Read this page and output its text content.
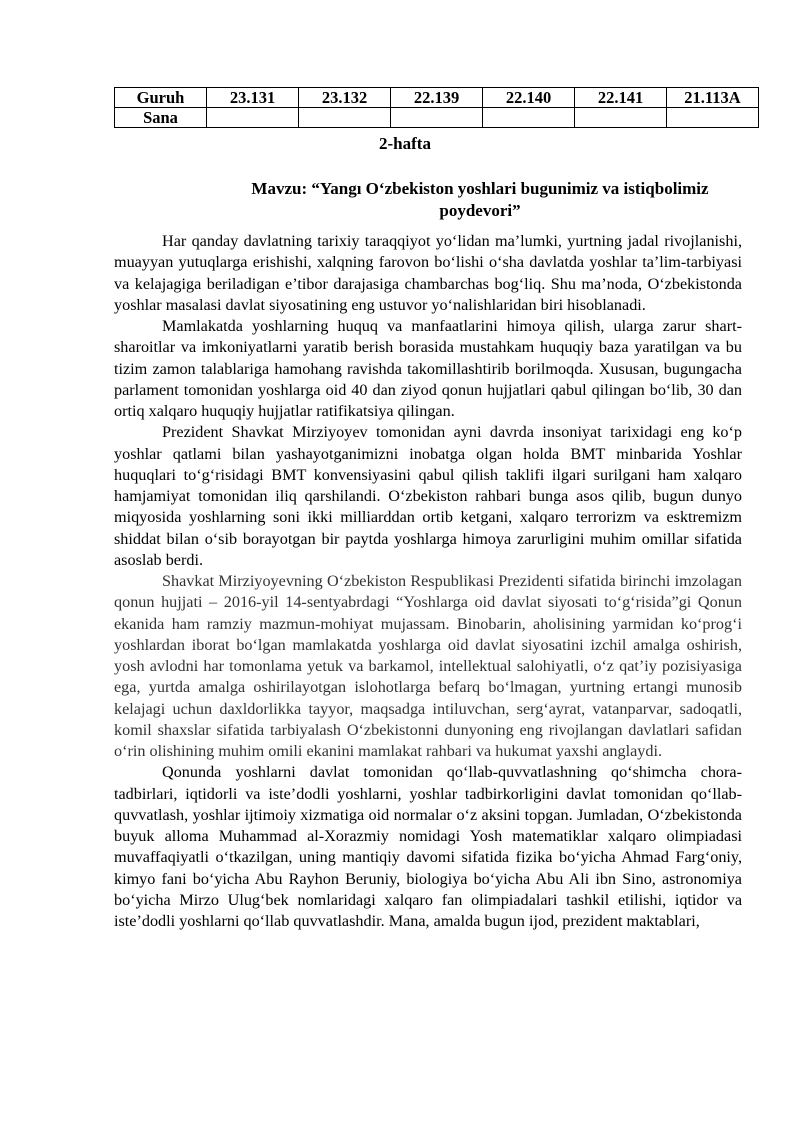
Guruh	23.131	23.132	22.139	22.140	22.141	21.113A
Sana						
2-hafta
Mavzu: “Yangı O‘zbekiston yoshlari bugunimiz va istiqbolimiz poydevori”

Har qanday davlatning tarixiy taraqqiyot yo‘lidan ma’lumki, yurtning jadal rivojlanishi, muayyan yutuqlarga erishishi, xalqning farovon bo‘lishi o‘sha davlatda yoshlar ta’lim-tarbiyasi va kelajagiga beriladigan e’tibor darajasiga chambarchas bog‘liq. Shu ma’noda, O‘zbekistonda yoshlar masalasi davlat siyosatining eng ustuvor yo‘nalishlaridan biri hisoblanadi.

Mamlakatda yoshlarning huquq va manfaatlarini himoya qilish, ularga zarur shart-sharoitlar va imkoniyatlarni yaratib berish borasida mustahkam huquqiy baza yaratilgan va bu tizim zamon talablariga hamohang ravishda takomillashtirib borilmoqda. Xususan, bugungacha parlament tomonidan yoshlarga oid 40 dan ziyod qonun hujjatlari qabul qilingan bo‘lib, 30 dan ortiq xalqaro huquqiy hujjatlar ratifikatsiya qilingan.

Prezident Shavkat Mirziyoyev tomonidan ayni davrda insoniyat tarixidagi eng ko‘p yoshlar qatlami bilan yashayotganimizni inobatga olgan holda BMT minbarida Yoshlar huquqlari to‘g‘risidagi BMT konvensiyasini qabul qilish taklifi ilgari surilgani ham xalqaro hamjamiyat tomonidan iliq qarshilandi. O‘zbekiston rahbari bunga asos qilib, bugun dunyo miqyosida yoshlarning soni ikki milliarddan ortib ketgani, xalqaro terrorizm va esktremizm shiddat bilan o‘sib borayotgan bir paytda yoshlarga himoya zarurligini muhim omillar sifatida asoslab berdi.

Shavkat Mirziyoyevning O‘zbekiston Respublikasi Prezidenti sifatida birinchi imzolagan qonun hujjati – 2016-yil 14-sentyabrdagi “Yoshlarga oid davlat siyosati to‘g‘risida”gi Qonun ekanida ham ramziy mazmun-mohiyat mujassam. Binobarin, aholisining yarmidan ko‘prog‘i yoshlardan iborat bo‘lgan mamlakatda yoshlarga oid davlat siyosatini izchil amalga oshirish, yosh avlodni har tomonlama yetuk va barkamol, intellektual salohiyatli, o‘z qat’iy pozisiyasiga ega, yurtda amalga oshirilayotgan islohotlarga befarq bo‘lmagan, yurtning ertangi munosib kelajagi uchun daxldorlikka tayyor, maqsadga intiluvchan, serg‘ayrat, vatanparvar, sadoqatli, komil shaxslar sifatida tarbiyalash O‘zbekistonni dunyoning eng rivojlangan davlatlari safidan o‘rin olishining muhim omili ekanini mamlakat rahbari va hukumat yaxshi anglaydi.

Qonunda yoshlarni davlat tomonidan qo‘llab-quvvatlashning qo‘shimcha chora-tadbirlari, iqtidorli va iste’dodli yoshlarni, yoshlar tadbirkorligini davlat tomonidan qo‘llab-quvvatlash, yoshlar ijtimoiy xizmatiga oid normalar o‘z aksini topgan. Jumladan, O‘zbekistonda buyuk alloma Muhammad al-Xorazmiy nomidagi Yosh matematiklar xalqaro olimpiadasi muvaffaqiyatli o‘tkazilgan, uning mantiqiy davomi sifatida fizika bo‘yicha Ahmad Farg‘oniy, kimyo fani bo‘yicha Abu Rayhon Beruniy, biologiya bo‘yicha Abu Ali ibn Sino, astronomiya bo‘yicha Mirzo Ulug‘bek nomlaridagi xalqaro fan olimpiadalari tashkil etilishi, iqtidor va iste’dodli yoshlarni qo‘llab quvvatlashdir. Mana, amalda bugun ijod, prezident maktablari,
